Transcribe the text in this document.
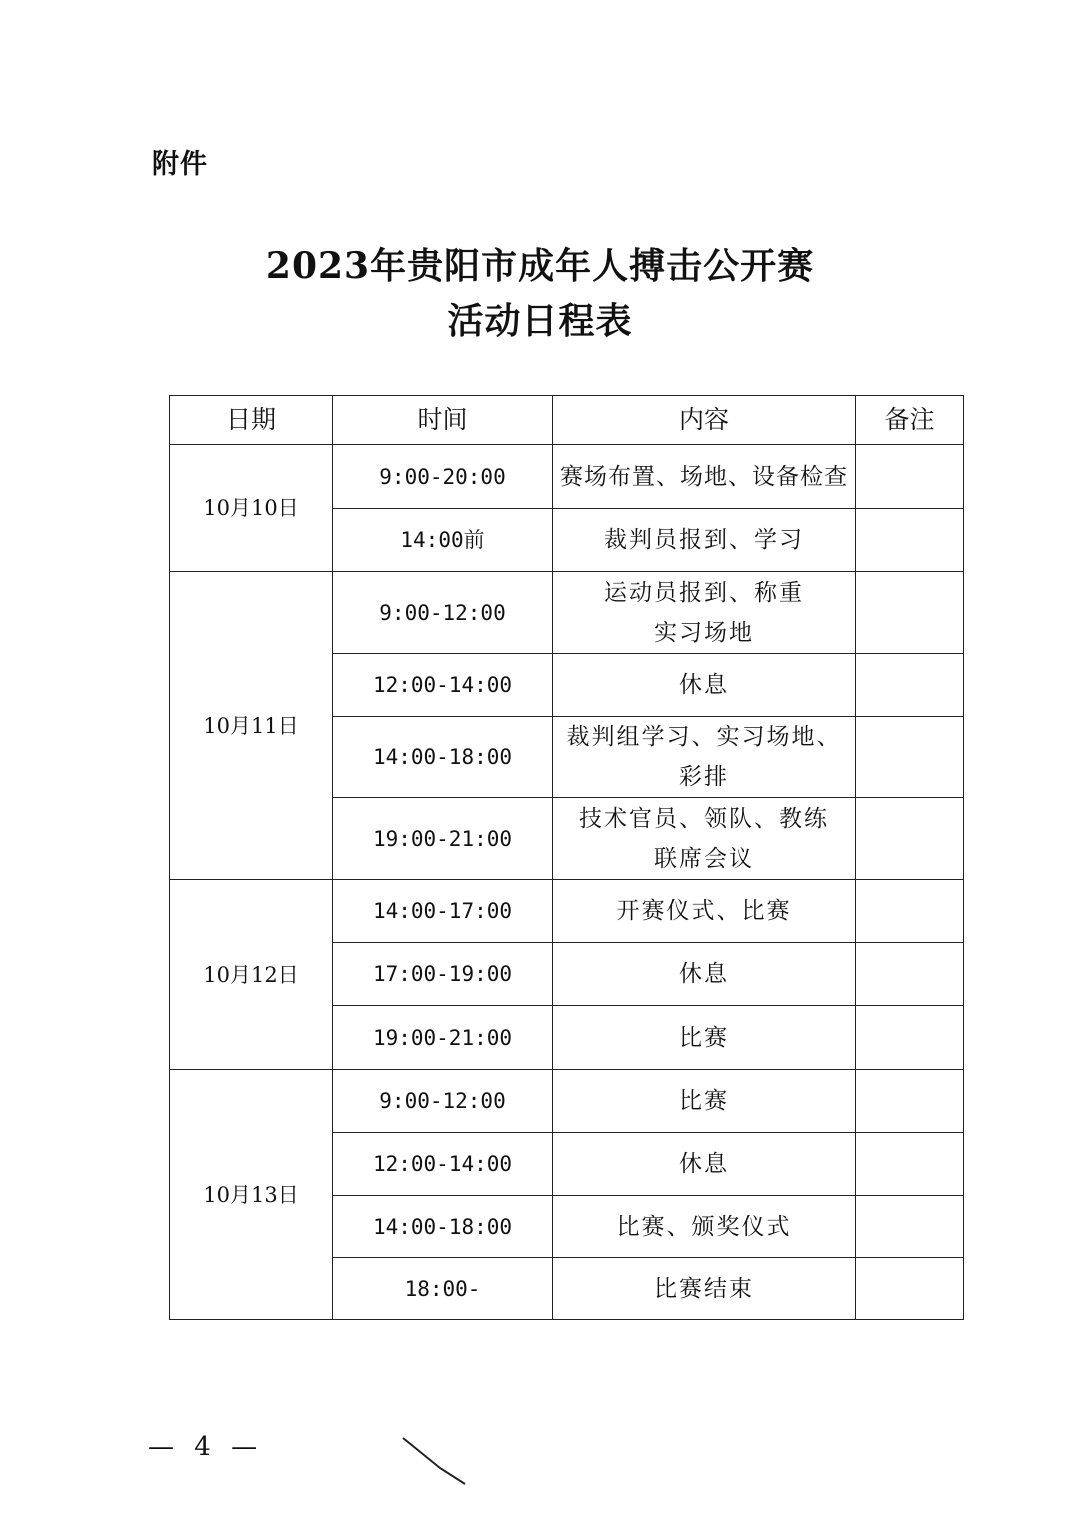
附件
2023年贵阳市成年人搏击公开赛
活动日程表
日期	时间	内容	备注
10月10日	9:00-20:00	赛场布置、场地、设备检查	
	14:00前	裁判员报到、学习	
10月11日	9:00-12:00	运动员报到、称重
实习场地	
	12:00-14:00	休息	
	14:00-18:00	裁判组学习、实习场地、
彩排	
	19:00-21:00	技术官员、领队、教练
联席会议	
10月12日	14:00-17:00	开赛仪式、比赛	
	17:00-19:00	休息	
	19:00-21:00	比赛	
10月13日	9:00-12:00	比赛	
	12:00-14:00	休息	
	14:00-18:00	比赛、颁奖仪式	
	18:00-	比赛结束	
— 4 —
